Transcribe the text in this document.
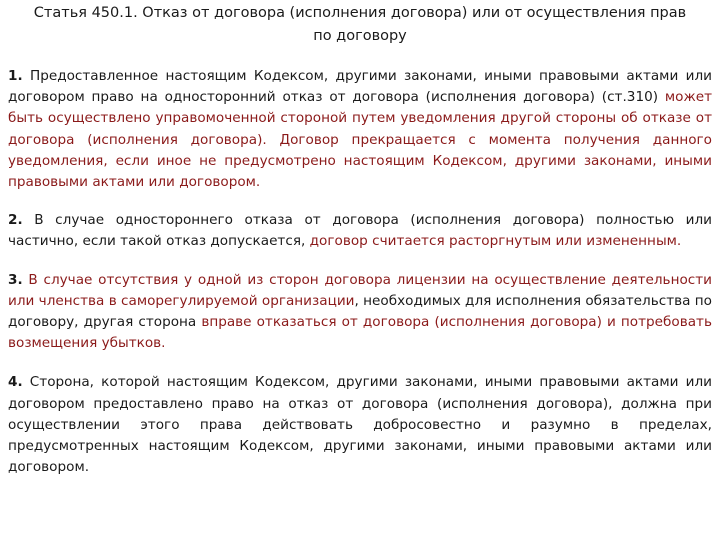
Статья 450.1. Отказ от договора (исполнения договора) или от осуществления прав по договору

1. Предоставленное настоящим Кодексом, другими законами, иными правовыми актами или договором право на односторонний отказ от договора (исполнения договора) (ст.310) может быть осуществлено управомоченной стороной путем уведомления другой стороны об отказе от договора (исполнения договора). Договор прекращается с момента получения данного уведомления, если иное не предусмотрено настоящим Кодексом, другими законами, иными правовыми актами или договором.

2. В случае одностороннего отказа от договора (исполнения договора) полностью или частично, если такой отказ допускается, договор считается расторгнутым или измененным.

3. В случае отсутствия у одной из сторон договора лицензии на осуществление деятельности или членства в саморегулируемой организации, необходимых для исполнения обязательства по договору, другая сторона вправе отказаться от договора (исполнения договора) и потребовать возмещения убытков.

4. Сторона, которой настоящим Кодексом, другими законами, иными правовыми актами или договором предоставлено право на отказ от договора (исполнения договора), должна при осуществлении этого права действовать добросовестно и разумно в пределах, предусмотренных настоящим Кодексом, другими законами, иными правовыми актами или договором.
